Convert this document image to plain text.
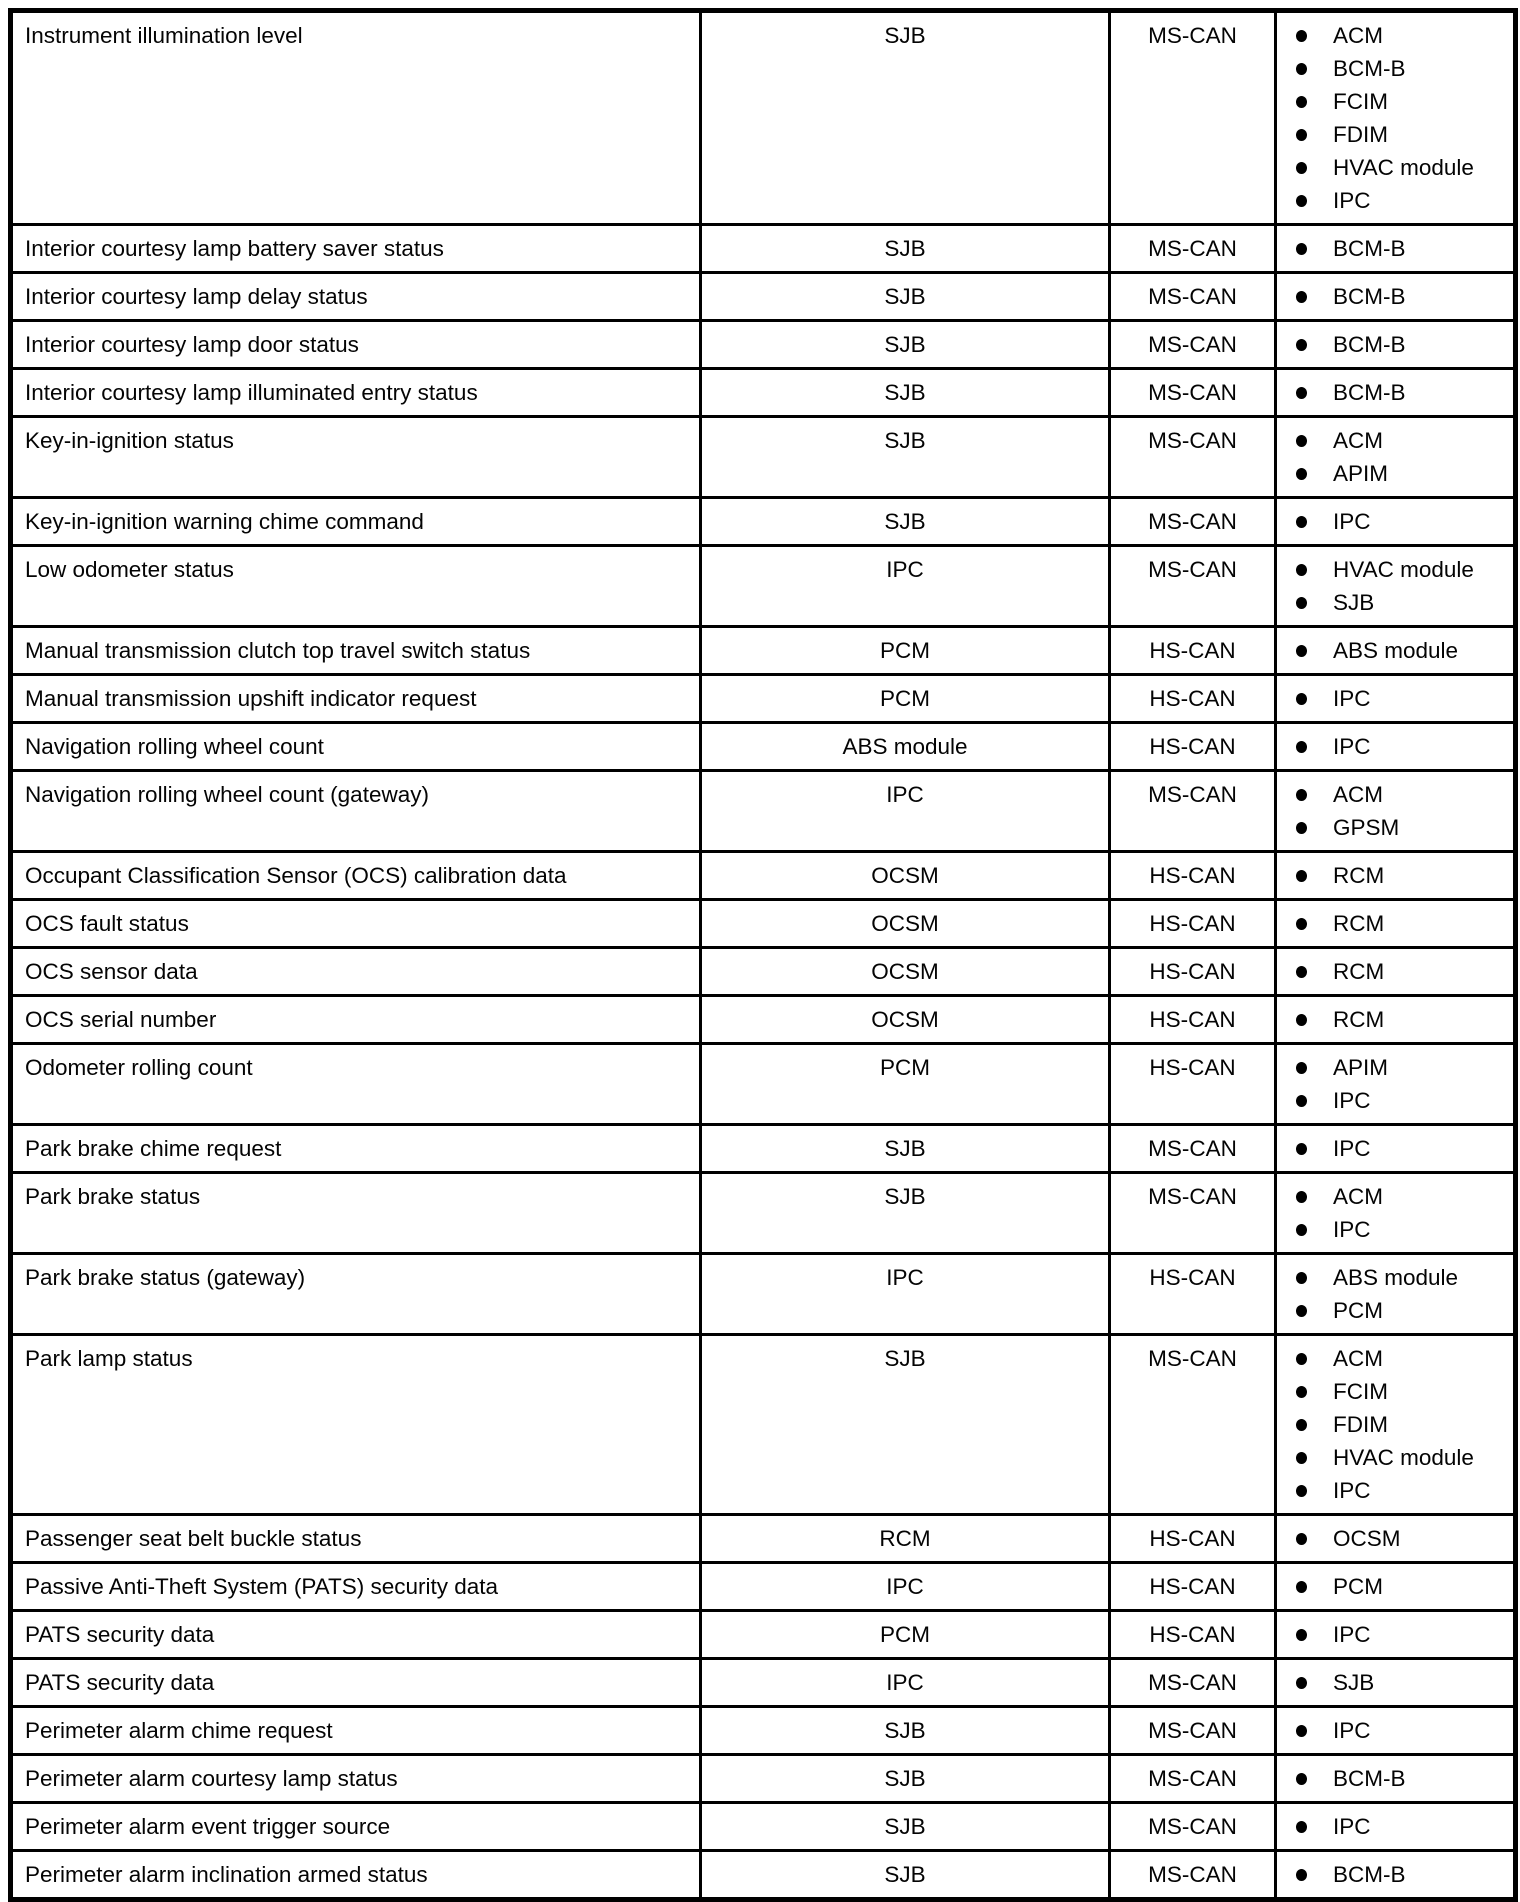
Instrument illumination level	SJB	MS-CAN	ACM
BCM-B
FCIM
FDIM
HVAC module
IPC

Interior courtesy lamp battery saver status	SJB	MS-CAN	BCM-B

Interior courtesy lamp delay status	SJB	MS-CAN	BCM-B

Interior courtesy lamp door status	SJB	MS-CAN	BCM-B

Interior courtesy lamp illuminated entry status	SJB	MS-CAN	BCM-B

Key-in-ignition status	SJB	MS-CAN	ACM
APIM

Key-in-ignition warning chime command	SJB	MS-CAN	IPC

Low odometer status	IPC	MS-CAN	HVAC module
SJB

Manual transmission clutch top travel switch status	PCM	HS-CAN	ABS module

Manual transmission upshift indicator request	PCM	HS-CAN	IPC

Navigation rolling wheel count	ABS module	HS-CAN	IPC

Navigation rolling wheel count (gateway)	IPC	MS-CAN	ACM
GPSM

Occupant Classification Sensor (OCS) calibration data	OCSM	HS-CAN	RCM

OCS fault status	OCSM	HS-CAN	RCM

OCS sensor data	OCSM	HS-CAN	RCM

OCS serial number	OCSM	HS-CAN	RCM

Odometer rolling count	PCM	HS-CAN	APIM
IPC

Park brake chime request	SJB	MS-CAN	IPC

Park brake status	SJB	MS-CAN	ACM
IPC

Park brake status (gateway)	IPC	HS-CAN	ABS module
PCM

Park lamp status	SJB	MS-CAN	ACM
FCIM
FDIM
HVAC module
IPC

Passenger seat belt buckle status	RCM	HS-CAN	OCSM

Passive Anti-Theft System (PATS) security data	IPC	HS-CAN	PCM

PATS security data	PCM	HS-CAN	IPC

PATS security data	IPC	MS-CAN	SJB

Perimeter alarm chime request	SJB	MS-CAN	IPC

Perimeter alarm courtesy lamp status	SJB	MS-CAN	BCM-B

Perimeter alarm event trigger source	SJB	MS-CAN	IPC

Perimeter alarm inclination armed status	SJB	MS-CAN	BCM-B
